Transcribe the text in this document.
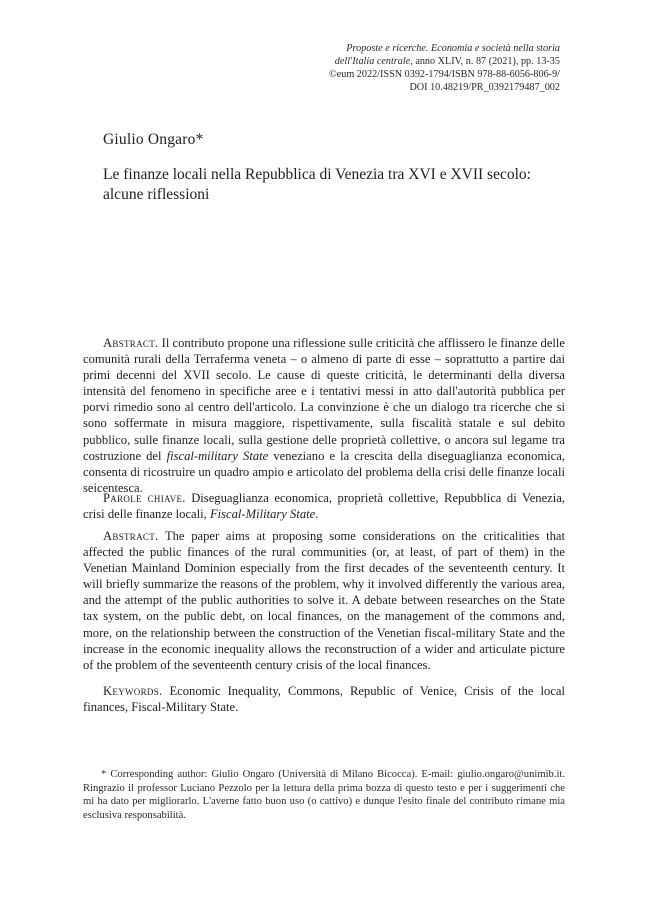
Proposte e ricerche. Economia e società nella storia
dell'Italia centrale, anno XLIV, n. 87 (2021), pp. 13-35
©eum 2022/ISSN 0392-1794/ISBN 978-88-6056-806-9/
DOI 10.48219/PR_0392179487_002
Giulio Ongaro*
Le finanze locali nella Repubblica di Venezia tra XVI e XVII secolo: alcune riflessioni

Abstract. Il contributo propone una riflessione sulle criticità che afflissero le finanze delle comunità rurali della Terraferma veneta – o almeno di parte di esse – soprattutto a partire dai primi decenni del XVII secolo. Le cause di queste criticità, le determinanti della diversa intensità del fenomeno in specifiche aree e i tentativi messi in atto dall'autorità pubblica per porvi rimedio sono al centro dell'articolo. La convinzione è che un dialogo tra ricerche che si sono soffermate in misura maggiore, rispettivamente, sulla fiscalità statale e sul debito pubblico, sulle finanze locali, sulla gestione delle proprietà collettive, o ancora sul legame tra costruzione del fiscal-military State veneziano e la crescita della diseguaglianza economica, consenta di ricostruire un quadro ampio e articolato del problema della crisi delle finanze locali seicentesca.

Parole chiave. Diseguaglianza economica, proprietà collettive, Repubblica di Venezia, crisi delle finanze locali, Fiscal-Military State.

Abstract. The paper aims at proposing some considerations on the criticalities that affected the public finances of the rural communities (or, at least, of part of them) in the Venetian Mainland Dominion especially from the first decades of the seventeenth century. It will briefly summarize the reasons of the problem, why it involved differently the various area, and the attempt of the public authorities to solve it. A debate between researches on the State tax system, on the public debt, on local finances, on the management of the commons and, more, on the relationship between the construction of the Venetian fiscal-military State and the increase in the economic inequality allows the reconstruction of a wider and articulate picture of the problem of the seventeenth century crisis of the local finances.

Keywords. Economic Inequality, Commons, Republic of Venice, Crisis of the local finances, Fiscal-Military State.

* Corresponding author: Giulio Ongaro (Università di Milano Bicocca). E-mail: giulio.ongaro@unimib.it. Ringrazio il professor Luciano Pezzolo per la lettura della prima bozza di questo testo e per i suggerimenti che mi ha dato per migliorarlo. L'averne fatto buon uso (o cattivo) e dunque l'esito finale del contributo rimane mia esclusiva responsabilità.
